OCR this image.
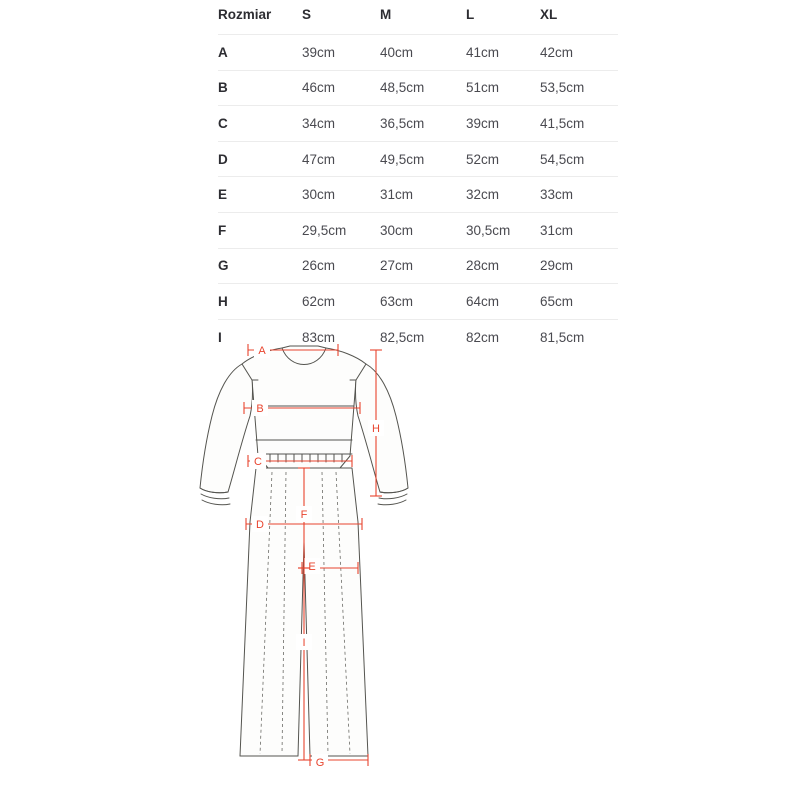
Rozmiar	S	M	L	XL
A	39cm	40cm	41cm	42cm
B	46cm	48,5cm	51cm	53,5cm
C	34cm	36,5cm	39cm	41,5cm
D	47cm	49,5cm	52cm	54,5cm
E	30cm	31cm	32cm	33cm
F	29,5cm	30cm	30,5cm	31cm
G	26cm	27cm	28cm	29cm
H	62cm	63cm	64cm	65cm
I	83cm	82,5cm	82cm	81,5cm
A
B
C
D
E
F
G
H
I
